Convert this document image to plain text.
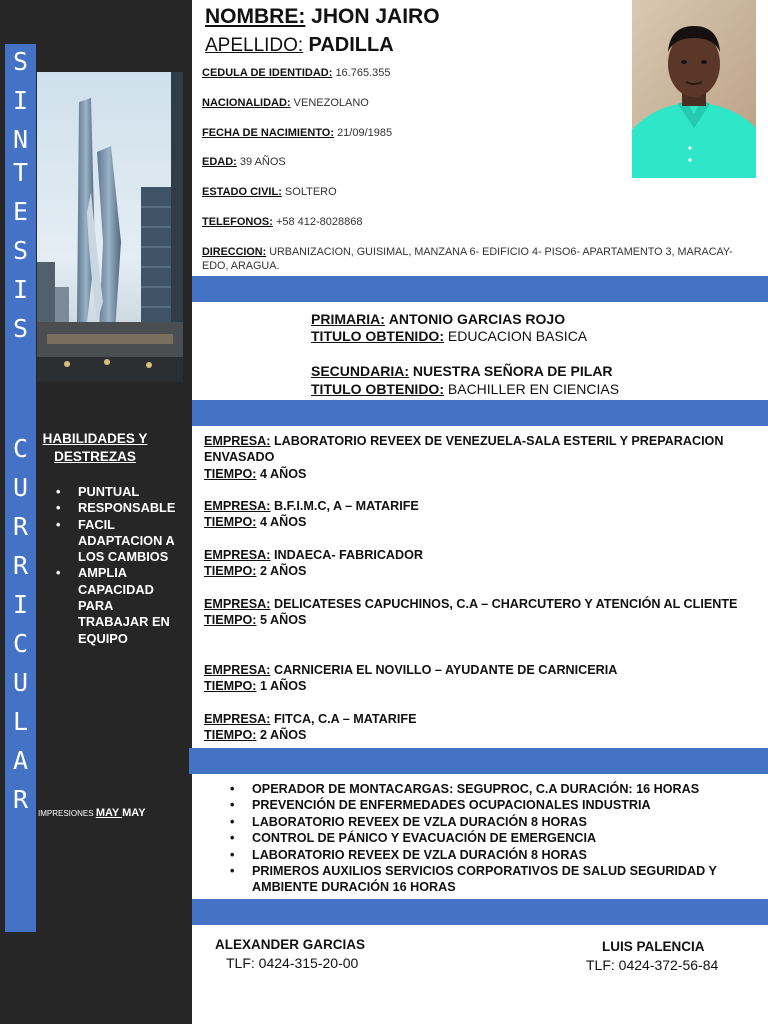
S
I
N
T
E
S
I
S
C
U
R
R
I
C
U
L
A
R
HABILIDADES Y DESTREZAS
• PUNTUAL
• RESPONSABLE
• FACIL ADAPTACION A LOS CAMBIOS
• AMPLIA CAPACIDAD PARA TRABAJAR EN EQUIPO
IMPRESIONES MAY MAY
NOMBRE: JHON JAIRO
APELLIDO: PADILLA
CEDULA DE IDENTIDAD: 16.765.355
NACIONALIDAD: VENEZOLANO
FECHA DE NACIMIENTO: 21/09/1985
EDAD: 39 AÑOS
ESTADO CIVIL: SOLTERO
TELEFONOS: +58 412-8028868
DIRECCION: URBANIZACION, GUISIMAL, MANZANA 6- EDIFICIO 4- PISO6- APARTAMENTO 3, MARACAY- EDO, ARAGUA.
PRIMARIA: ANTONIO GARCIAS ROJO
TITULO OBTENIDO: EDUCACION BASICA
SECUNDARIA: NUESTRA SEÑORA DE PILAR
TITULO OBTENIDO: BACHILLER EN CIENCIAS
EMPRESA: LABORATORIO REVEEX DE VENEZUELA-SALA ESTERIL Y PREPARACION ENVASADO
TIEMPO: 4 AÑOS
EMPRESA: B.F.I.M.C, A – MATARIFE
TIEMPO: 4 AÑOS
EMPRESA: INDAECA- FABRICADOR
TIEMPO: 2 AÑOS
EMPRESA: DELICATESES CAPUCHINOS, C.A – CHARCUTERO Y ATENCIÓN AL CLIENTE
TIEMPO: 5 AÑOS
EMPRESA: CARNICERIA EL NOVILLO – AYUDANTE DE CARNICERIA
TIEMPO: 1 AÑOS
EMPRESA: FITCA, C.A – MATARIFE
TIEMPO: 2 AÑOS
• OPERADOR DE MONTACARGAS: SEGUPROC, C.A DURACIÓN: 16 HORAS
• PREVENCIÓN DE ENFERMEDADES OCUPACIONALES INDUSTRIA
• LABORATORIO REVEEX DE VZLA DURACIÓN 8 HORAS
• CONTROL DE PÁNICO Y EVACUACIÓN DE EMERGENCIA
• LABORATORIO REVEEX DE VZLA DURACIÓN 8 HORAS
• PRIMEROS AUXILIOS SERVICIOS CORPORATIVOS DE SALUD SEGURIDAD Y AMBIENTE DURACIÓN 16 HORAS
ALEXANDER GARCIAS
TLF: 0424-315-20-00
LUIS PALENCIA
TLF: 0424-372-56-84
